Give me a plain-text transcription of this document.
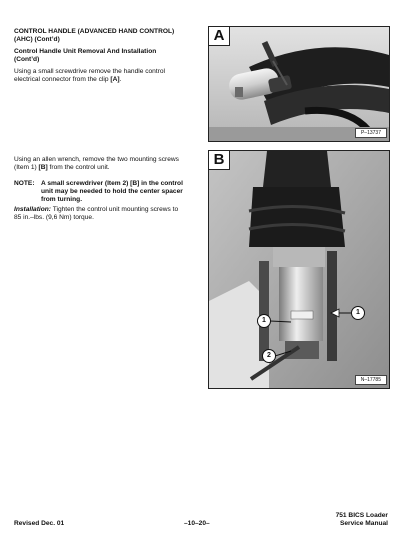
CONTROL HANDLE (ADVANCED HAND CONTROL)
(AHC) (Cont’d)
Control Handle Unit Removal And Installation
(Cont’d)
Using a small screwdrive remove the handle control
electrical connector from the clip [A].
Using an allen wrench, remove the two mounting screws
(Item 1) [B] from the control unit.
NOTE: A small screwdriver (Item 2) [B] in the control
unit may be needed to hold the center spacer
from turning.
Installation: Tighten the control unit mounting screws to
85 in.–lbs. (9,6 Nm) torque.
A
P–13737
B
1
1
2
N–17785
Revised Dec. 01	–10–20–
751 BICS Loader
Service Manual
